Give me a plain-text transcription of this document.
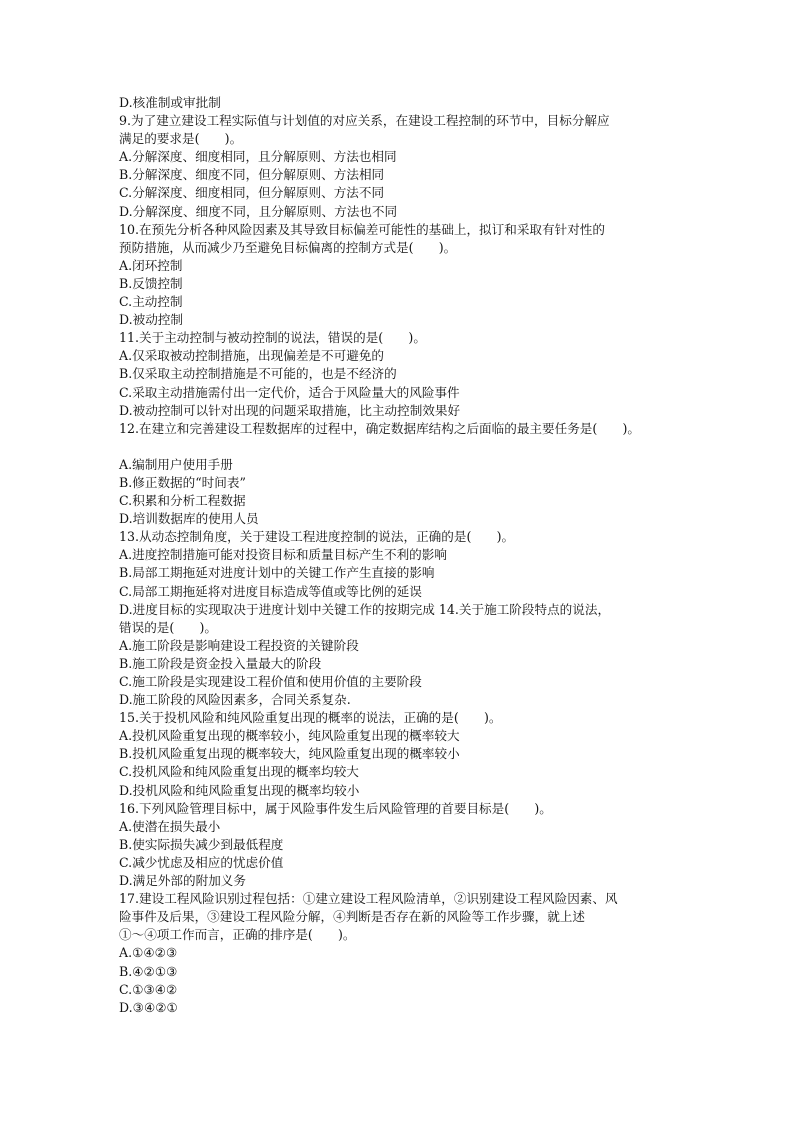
D.核准制或审批制
9.为了建立建设工程实际值与计划值的对应关系，在建设工程控制的环节中，目标分解应
满足的要求是(　　)。
A.分解深度、细度相同，且分解原则、方法也相同
B.分解深度、细度不同，但分解原则、方法相同
C.分解深度、细度相同，但分解原则、方法不同
D.分解深度、细度不同，且分解原则、方法也不同
10.在预先分析各种风险因素及其导致目标偏差可能性的基础上，拟订和采取有针对性的
预防措施，从而减少乃至避免目标偏离的控制方式是(　　)。
A.闭环控制
B.反馈控制
C.主动控制
D.被动控制
11.关于主动控制与被动控制的说法，错误的是(　　)。
A.仅采取被动控制措施，出现偏差是不可避免的
B.仅采取主动控制措施是不可能的，也是不经济的
C.采取主动措施需付出一定代价，适合于风险量大的风险事件
D.被动控制可以针对出现的问题采取措施，比主动控制效果好
12.在建立和完善建设工程数据库的过程中，确定数据库结构之后面临的最主要任务是(　　)。
A.编制用户使用手册
B.修正数据的“时间表”
C.积累和分析工程数据
D.培训数据库的使用人员
13.从动态控制角度，关于建设工程进度控制的说法，正确的是(　　)。
A.进度控制措施可能对投资目标和质量目标产生不利的影响
B.局部工期拖延对进度计划中的关键工作产生直接的影响
C.局部工期拖延将对进度目标造成等值或等比例的延误
D.进度目标的实现取决于进度计划中关键工作的按期完成 14.关于施工阶段特点的说法，
错误的是(　　)。
A.施工阶段是影响建设工程投资的关键阶段
B.施工阶段是资金投入量最大的阶段
C.施工阶段是实现建设工程价值和使用价值的主要阶段
D.施工阶段的风险因素多，合同关系复杂.
15.关于投机风险和纯风险重复出现的概率的说法，正确的是(　　)。
A.投机风险重复出现的概率较小，纯风险重复出现的概率较大
B.投机风险重复出现的概率较大，纯风险重复出现的概率较小
C.投机风险和纯风险重复出现的概率均较大
D.投机风险和纯风险重复出现的概率均较小
16.下列风险管理目标中，属于风险事件发生后风险管理的首要目标是(　　)。
A.使潜在损失最小
B.使实际损失减少到最低程度
C.减少忧虑及相应的忧虑价值
D.满足外部的附加义务
17.建设工程风险识别过程包括：①建立建设工程风险清单，②识别建设工程风险因素、风
险事件及后果，③建设工程风险分解，④判断是否存在新的风险等工作步骤，就上述
①～④项工作而言，正确的排序是(　　)。
A.①④②③
B.④②①③
C.①③④②
D.③④②①
